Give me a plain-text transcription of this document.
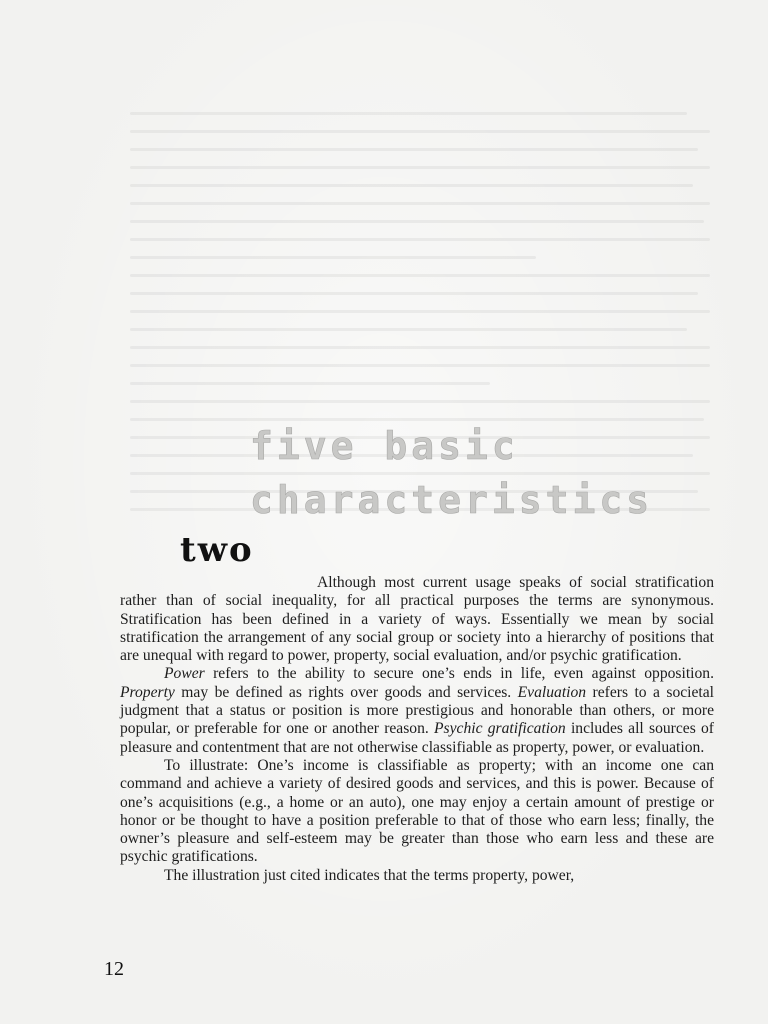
five basic
characteristics
two

Although most current usage speaks of social stratification rather than of social inequality, for all practical purposes the terms are synonymous. Stratification has been defined in a variety of ways. Essentially we mean by social stratification the arrangement of any social group or society into a hierarchy of positions that are unequal with regard to power, property, social evaluation, and/or psychic gratification.

Power refers to the ability to secure one’s ends in life, even against opposition. Property may be defined as rights over goods and services. Evaluation refers to a societal judgment that a status or position is more prestigious and honorable than others, or more popular, or preferable for one or another reason. Psychic gratification includes all sources of pleasure and contentment that are not otherwise classifiable as property, power, or evaluation.

To illustrate: One’s income is classifiable as property; with an income one can command and achieve a variety of desired goods and services, and this is power. Because of one’s acquisitions (e.g., a home or an auto), one may enjoy a certain amount of prestige or honor or be thought to have a position preferable to that of those who earn less; finally, the owner’s pleasure and self-esteem may be greater than those who earn less and these are psychic gratifications.

The illustration just cited indicates that the terms property, power,

12
